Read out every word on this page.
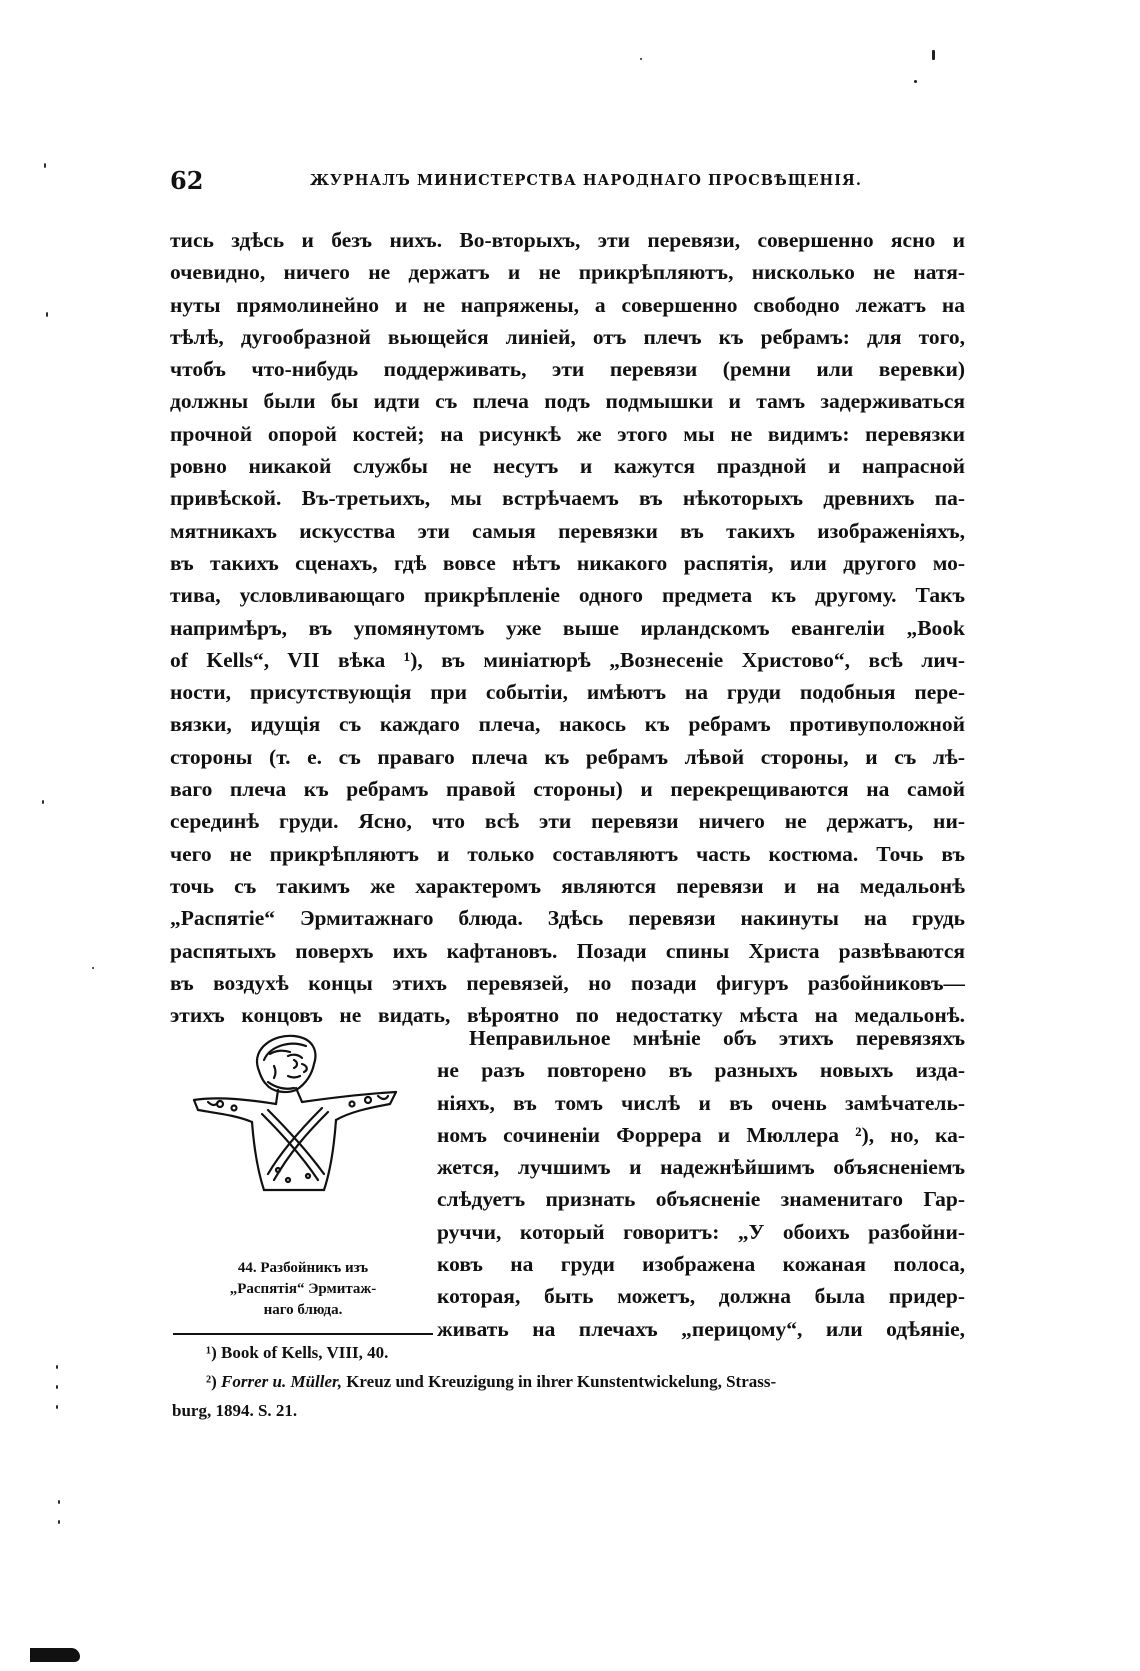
62	ЖУРНАЛЪ МИНИСТЕРСТВА НАРОДНАГО ПРОСВѢЩЕНІЯ.
тись здѣсь и безъ нихъ. Во-вторыхъ, эти перевязи, совершенно ясно и
очевидно, ничего не держатъ и не прикрѣпляютъ, нисколько не натя-
нуты прямолинейно и не напряжены, а совершенно свободно лежатъ на
тѣлѣ, дугообразной вьющейся линіей, отъ плечъ къ ребрамъ: для того,
чтобъ что-нибудь поддерживать, эти перевязи (ремни или веревки)
должны были бы идти съ плеча подъ подмышки и тамъ задерживаться
прочной опорой костей; на рисункѣ же этого мы не видимъ: перевязки
ровно никакой службы не несутъ и кажутся праздной и напрасной
привѣской. Въ-третьихъ, мы встрѣчаемъ въ нѣкоторыхъ древнихъ па-
мятникахъ искусства эти самыя перевязки въ такихъ изображеніяхъ,
въ такихъ сценахъ, гдѣ вовсе нѣтъ никакого распятія, или другого мо-
тива, условливающаго прикрѣпленіе одного предмета къ другому. Такъ
напримѣръ, въ упомянутомъ уже выше ирландскомъ евангеліи „Book
of Kells“, VII вѣка ¹), въ миніатюрѣ „Вознесеніе Христово“, всѣ лич-
ности, присутствующія при событіи, имѣютъ на груди подобныя пере-
вязки, идущія съ каждаго плеча, накось къ ребрамъ противуположной
стороны (т. е. съ праваго плеча къ ребрамъ лѣвой стороны, и съ лѣ-
ваго плеча къ ребрамъ правой стороны) и перекрещиваются на самой
серединѣ груди. Ясно, что всѣ эти перевязи ничего не держатъ, ни-
чего не прикрѣпляютъ и только составляютъ часть костюма. Точь въ
точь съ такимъ же характеромъ являются перевязи и на медальонѣ
„Распятіе“ Эрмитажнаго блюда. Здѣсь перевязи накинуты на грудь
распятыхъ поверхъ ихъ кафтановъ. Позади спины Христа развѣваются
въ воздухѣ концы этихъ перевязей, но позади фигуръ разбойниковъ—
этихъ концовъ не видать, вѣроятно по недостатку мѣста на медальонѣ.
44. Разбойникъ изъ
„Распятія“ Эрмитаж-
наго блюда.
Неправильное мнѣніе объ этихъ перевязяхъ
не разъ повторено въ разныхъ новыхъ изда-
ніяхъ, въ томъ числѣ и въ очень замѣчатель-
номъ сочиненіи Форрера и Мюллера ²), но, ка-
жется, лучшимъ и надежнѣйшимъ объясненіемъ
слѣдуетъ признать объясненіе знаменитаго Гар-
руччи, который говоритъ: „У обоихъ разбойни-
ковъ на груди изображена кожаная полоса,
которая, быть можетъ, должна была придер-
живать на плечахъ „перицому“, или одѣяніе,
¹) Book of Kells, VIII, 40.
²) Forrer u. Müller, Kreuz und Kreuzigung in ihrer Kunstentwickelung, Strass-
burg, 1894. S. 21.
